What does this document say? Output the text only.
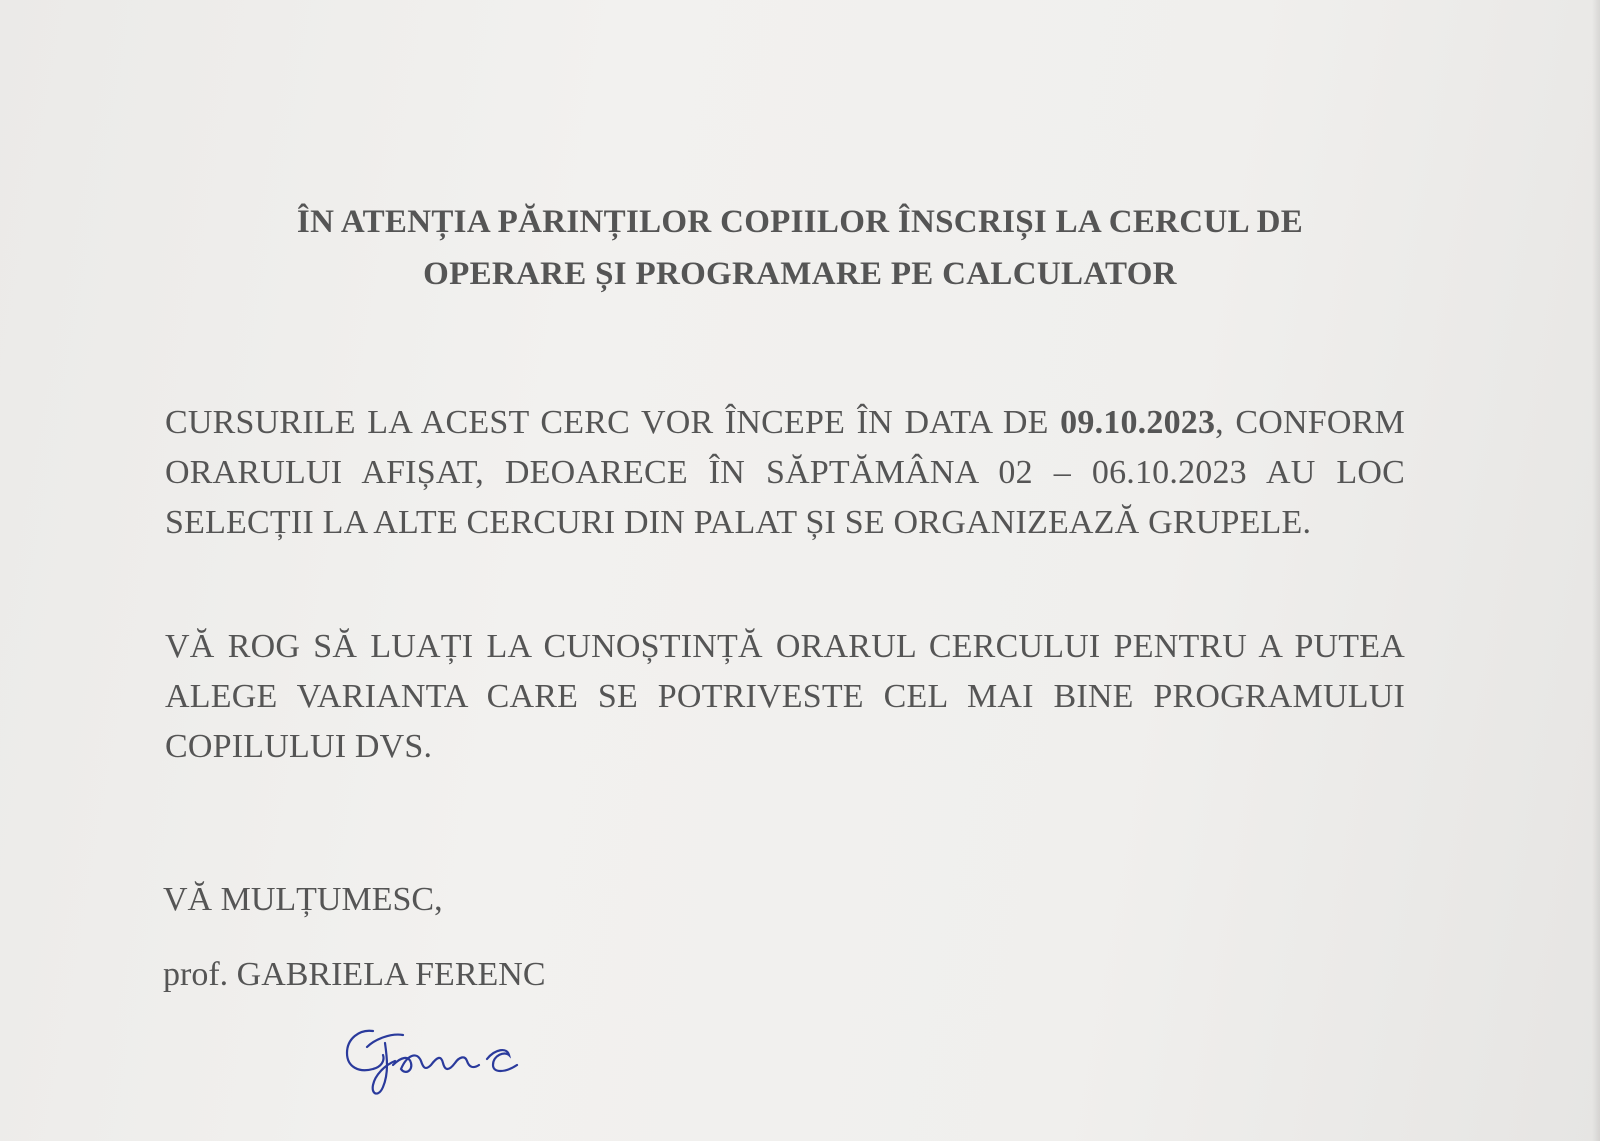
ÎN ATENȚIA PĂRINȚILOR COPIILOR ÎNSCRIȘI LA CERCUL DE
OPERARE ȘI PROGRAMARE PE CALCULATOR
CURSURILE LA ACEST CERC VOR ÎNCEPE ÎN DATA DE 09.10.2023, CONFORM ORARULUI AFIȘAT, DEOARECE ÎN SĂPTĂMÂNA 02 – 06.10.2023 AU LOC SELECȚII LA ALTE CERCURI DIN PALAT ȘI SE ORGANIZEAZĂ GRUPELE.
VĂ ROG SĂ LUAȚI LA CUNOȘTINȚĂ ORARUL CERCULUI PENTRU A PUTEA ALEGE VARIANTA CARE SE POTRIVESTE CEL MAI BINE PROGRAMULUI COPILULUI DVS.
VĂ MULȚUMESC,
prof. GABRIELA FERENC
